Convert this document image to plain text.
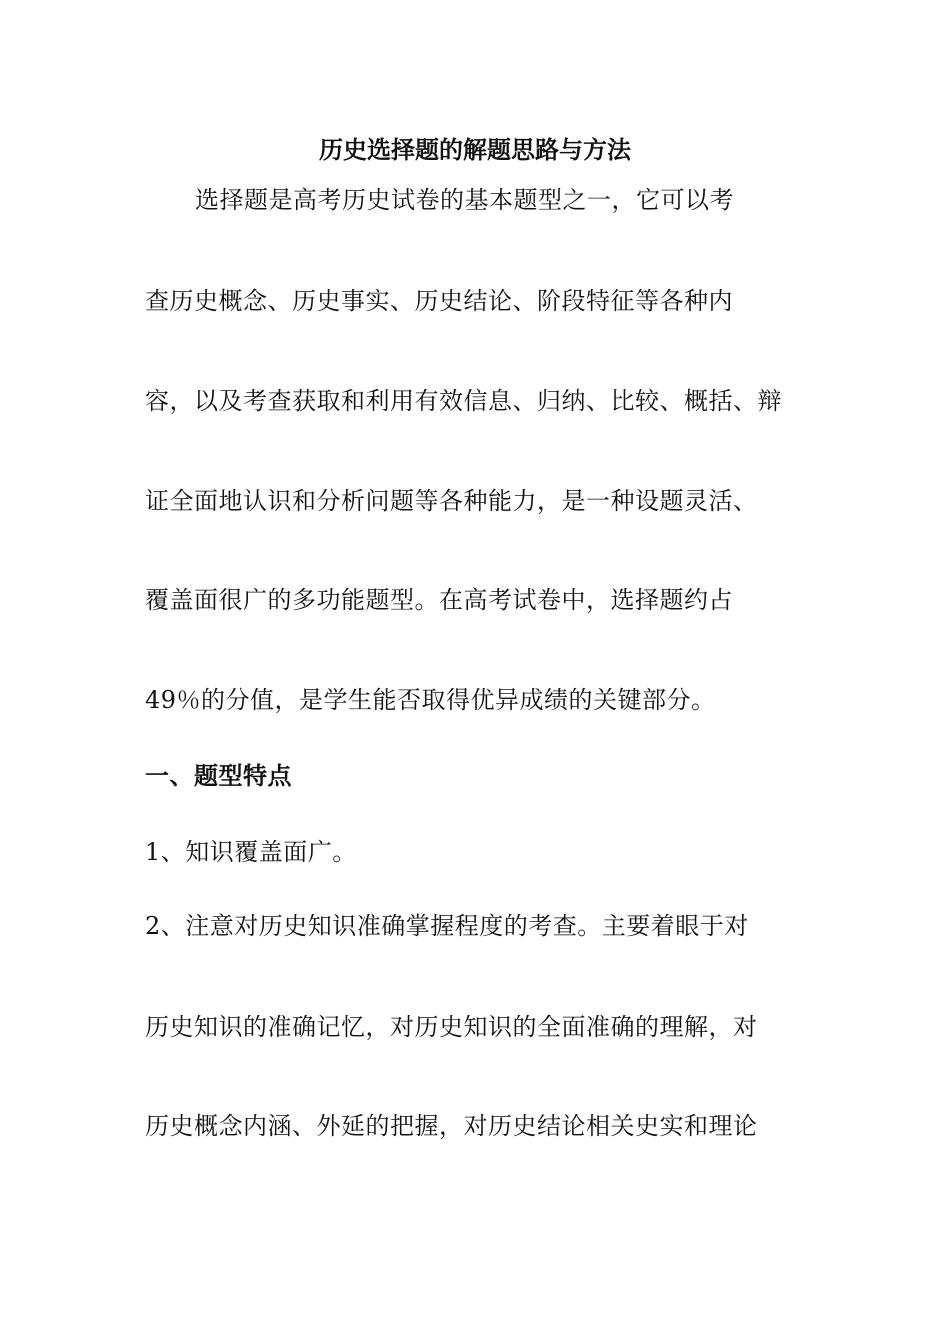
历史选择题的解题思路与方法
选择题是高考历史试卷的基本题型之一，它可以考
查历史概念、历史事实、历史结论、阶段特征等各种内
容，以及考查获取和利用有效信息、归纳、比较、概括、辩
证全面地认识和分析问题等各种能力，是一种设题灵活、
覆盖面很广的多功能题型。在高考试卷中，选择题约占
49％的分值，是学生能否取得优异成绩的关键部分。
一、题型特点
1、知识覆盖面广。
2、注意对历史知识准确掌握程度的考查。主要着眼于对
历史知识的准确记忆，对历史知识的全面准确的理解，对
历史概念内涵、外延的把握，对历史结论相关史实和理论
